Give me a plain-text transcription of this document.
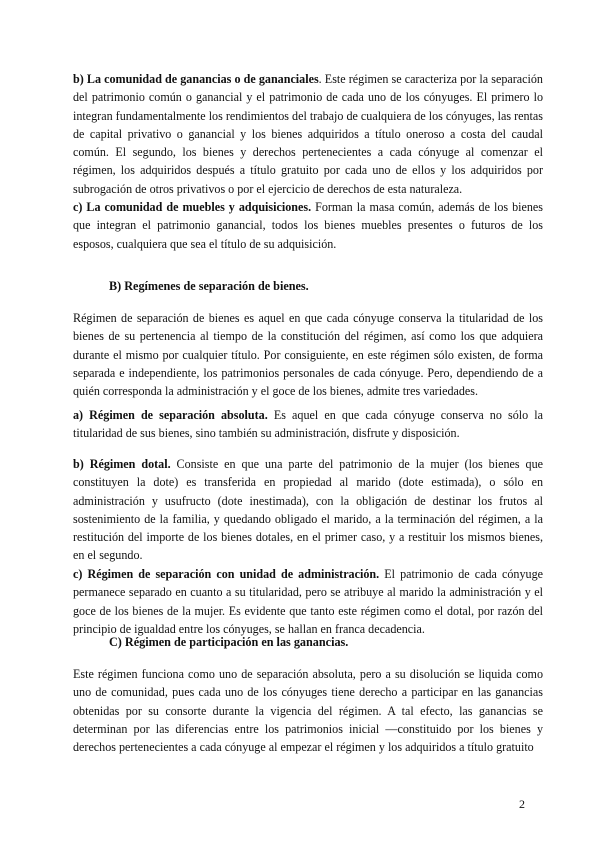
b) La comunidad de ganancias o de gananciales. Este régimen se caracteriza por la separación del patrimonio común o ganancial y el patrimonio de cada uno de los cónyuges. El primero lo integran fundamentalmente los rendimientos del trabajo de cualquiera de los cónyuges, las rentas de capital privativo o ganancial y los bienes adquiridos a título oneroso a costa del caudal común. El segundo, los bienes y derechos pertenecientes a cada cónyuge al comenzar el régimen, los adquiridos después a título gratuito por cada uno de ellos y los adquiridos por subrogación de otros privativos o por el ejercicio de derechos de esta naturaleza.

c) La comunidad de muebles y adquisiciones. Forman la masa común, además de los bienes que integran el patrimonio ganancial, todos los bienes muebles presentes o futuros de los esposos, cualquiera que sea el título de su adquisición.

B) Regímenes de separación de bienes.

Régimen de separación de bienes es aquel en que cada cónyuge conserva la titularidad de los bienes de su pertenencia al tiempo de la constitución del régimen, así como los que adquiera durante el mismo por cualquier título. Por consiguiente, en este régimen sólo existen, de forma separada e independiente, los patrimonios personales de cada cónyuge. Pero, dependiendo de a quién corresponda la administración y el goce de los bienes, admite tres variedades.

a) Régimen de separación absoluta. Es aquel en que cada cónyuge conserva no sólo la titularidad de sus bienes, sino también su administración, disfrute y disposición.

b) Régimen dotal. Consiste en que una parte del patrimonio de la mujer (los bienes que constituyen la dote) es transferida en propiedad al marido (dote estimada), o sólo en administración y usufructo (dote inestimada), con la obligación de destinar los frutos al sostenimiento de la familia, y quedando obligado el marido, a la terminación del régimen, a la restitución del importe de los bienes dotales, en el primer caso, y a restituir los mismos bienes, en el segundo.

c) Régimen de separación con unidad de administración. El patrimonio de cada cónyuge permanece separado en cuanto a su titularidad, pero se atribuye al marido la administración y el goce de los bienes de la mujer. Es evidente que tanto este régimen como el dotal, por razón del principio de igualdad entre los cónyuges, se hallan en franca decadencia.

C) Régimen de participación en las ganancias.

Este régimen funciona como uno de separación absoluta, pero a su disolución se liquida como uno de comunidad, pues cada uno de los cónyuges tiene derecho a participar en las ganancias obtenidas por su consorte durante la vigencia del régimen. A tal efecto, las ganancias se determinan por las diferencias entre los patrimonios inicial —constituido por los bienes y derechos pertenecientes a cada cónyuge al empezar el régimen y los adquiridos a título gratuito

2
